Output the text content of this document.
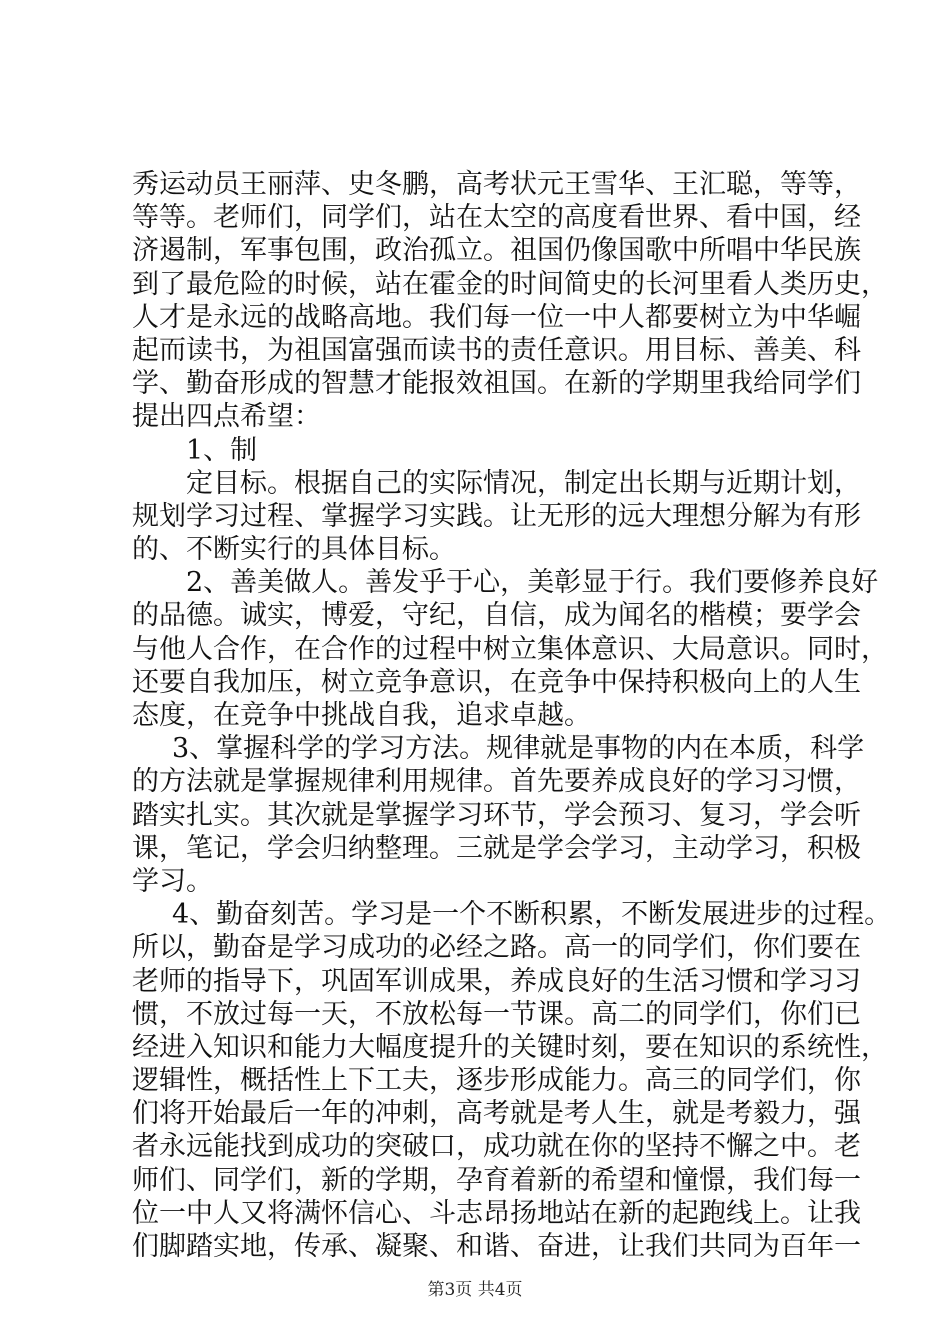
秀运动员王丽萍、史冬鹏，高考状元王雪华、王汇聪，等等，
等等。老师们，同学们，站在太空的高度看世界、看中国，经
济遏制，军事包围，政治孤立。祖国仍像国歌中所唱中华民族
到了最危险的时候，站在霍金的时间简史的长河里看人类历史，
人才是永远的战略高地。我们每一位一中人都要树立为中华崛
起而读书，为祖国富强而读书的责任意识。用目标、善美、科
学、勤奋形成的智慧才能报效祖国。在新的学期里我给同学们
提出四点希望：
1、制
定目标。根据自己的实际情况，制定出长期与近期计划，
规划学习过程、掌握学习实践。让无形的远大理想分解为有形
的、不断实行的具体目标。
2、善美做人。善发乎于心，美彰显于行。我们要修养良好
的品德。诚实，博爱，守纪，自信，成为闻名的楷模；要学会
与他人合作，在合作的过程中树立集体意识、大局意识。同时，
还要自我加压，树立竞争意识，在竞争中保持积极向上的人生
态度，在竞争中挑战自我，追求卓越。
3、掌握科学的学习方法。规律就是事物的内在本质，科学
的方法就是掌握规律利用规律。首先要养成良好的学习习惯，
踏实扎实。其次就是掌握学习环节，学会预习、复习，学会听
课，笔记，学会归纳整理。三就是学会学习，主动学习，积极
学习。
4、勤奋刻苦。学习是一个不断积累，不断发展进步的过程。
所以，勤奋是学习成功的必经之路。高一的同学们，你们要在
老师的指导下，巩固军训成果，养成良好的生活习惯和学习习
惯，不放过每一天，不放松每一节课。高二的同学们，你们已
经进入知识和能力大幅度提升的关键时刻，要在知识的系统性，
逻辑性，概括性上下工夫，逐步形成能力。高三的同学们，你
们将开始最后一年的冲刺，高考就是考人生，就是考毅力，强
者永远能找到成功的突破口，成功就在你的坚持不懈之中。老
师们、同学们，新的学期，孕育着新的希望和憧憬，我们每一
位一中人又将满怀信心、斗志昂扬地站在新的起跑线上。让我
们脚踏实地，传承、凝聚、和谐、奋进，让我们共同为百年一
第3页 共4页
